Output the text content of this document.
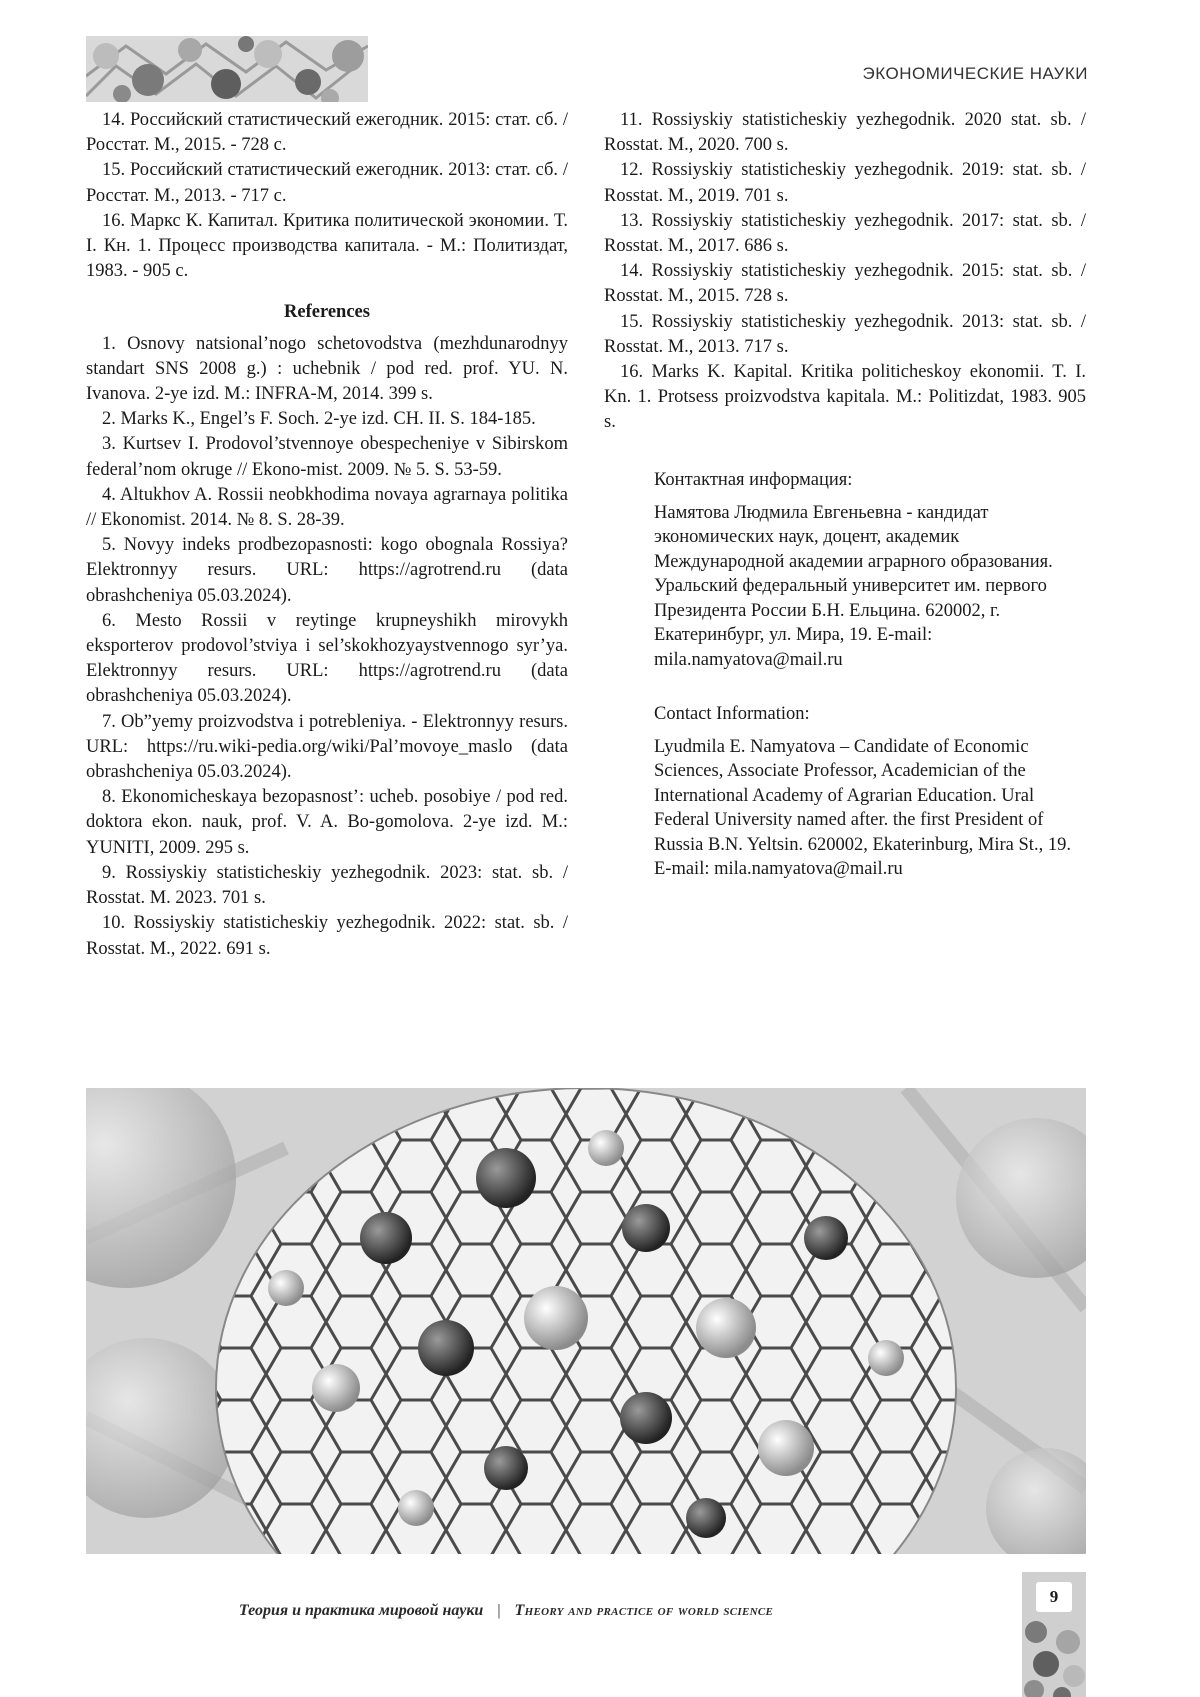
ЭКОНОМИЧЕСКИЕ НАУКИ

14. Российский статистический ежегодник. 2015: стат. сб. / Росстат. М., 2015. - 728 с.

15. Российский статистический ежегодник. 2013: стат. сб. / Росстат. М., 2013. - 717 с.

16. Маркс К. Капитал. Критика политической экономии. Т. I. Кн. 1. Процесс производства капитала. - М.: Политиздат, 1983. - 905 с.

References

1. Osnovy natsional’nogo schetovodstva (mezhdunarodnyy standart SNS 2008 g.) : uchebnik / pod red. prof. YU. N. Ivanova. 2-ye izd. M.: INFRA-M, 2014. 399 s.

2. Marks K., Engel’s F. Soch. 2-ye izd. CH. II. S. 184-185.

3. Kurtsev I. Prodovol’stvennoye obespecheniye v Sibirskom federal’nom okruge // Ekono-mist. 2009. № 5. S. 53-59.

4. Altukhov A. Rossii neobkhodima novaya agrarnaya politika // Ekonomist. 2014. № 8. S. 28-39.

5. Novyy indeks prodbezopasnosti: kogo obognala Rossiya? Elektronnyy resurs. URL: https://agrotrend.ru (data obrashcheniya 05.03.2024).

6. Mesto Rossii v reytinge krupneyshikh mirovykh eksporterov prodovol’stviya i sel’skokhozyaystvennogo syr’ya. Elektronnyy resurs. URL: https://agrotrend.ru (data obrashcheniya 05.03.2024).

7. Ob”yemy proizvodstva i potrebleniya. - Elektronnyy resurs. URL: https://ru.wiki-pedia.org/wiki/Pal’movoye_maslo (data obrashcheniya 05.03.2024).

8. Ekonomicheskaya bezopasnost’: ucheb. posobiye / pod red. doktora ekon. nauk, prof. V. A. Bo-gomolova. 2-ye izd. M.: YUNITI, 2009. 295 s.

9. Rossiyskiy statisticheskiy yezhegodnik. 2023: stat. sb. / Rosstat. M. 2023. 701 s.

10. Rossiyskiy statisticheskiy yezhegodnik. 2022: stat. sb. / Rosstat. M., 2022. 691 s.

11. Rossiyskiy statisticheskiy yezhegodnik. 2020 stat. sb. / Rosstat. M., 2020. 700 s.

12. Rossiyskiy statisticheskiy yezhegodnik. 2019: stat. sb. / Rosstat. M., 2019. 701 s.

13. Rossiyskiy statisticheskiy yezhegodnik. 2017: stat. sb. / Rosstat. M., 2017. 686 s.

14. Rossiyskiy statisticheskiy yezhegodnik. 2015: stat. sb. / Rosstat. M., 2015. 728 s.

15. Rossiyskiy statisticheskiy yezhegodnik. 2013: stat. sb. / Rosstat. M., 2013. 717 s.

16. Marks K. Kapital. Kritika politicheskoy ekonomii. T. I. Kn. 1. Protsess proizvodstva kapitala. M.: Politizdat, 1983. 905 s.

Контактная информация:

Намятова Людмила Евгеньевна - кандидат экономических наук, доцент, академик Международной академии аграрного образования. Уральский федеральный университет им. первого Президента России Б.Н. Ельцина. 620002, г. Екатеринбург, ул. Мира, 19. E-mail: mila.namyatova@mail.ru

Contact Information:

Lyudmila E. Namyatova – Candidate of Economic Sciences, Associate Professor, Academician of the International Academy of Agrarian Education. Ural Federal University named after. the first President of Russia B.N. Yeltsin. 620002, Ekaterinburg, Mira St., 19.

E-mail: mila.namyatova@mail.ru

Теория и практика мировой науки | Theory and practice of world science
9
